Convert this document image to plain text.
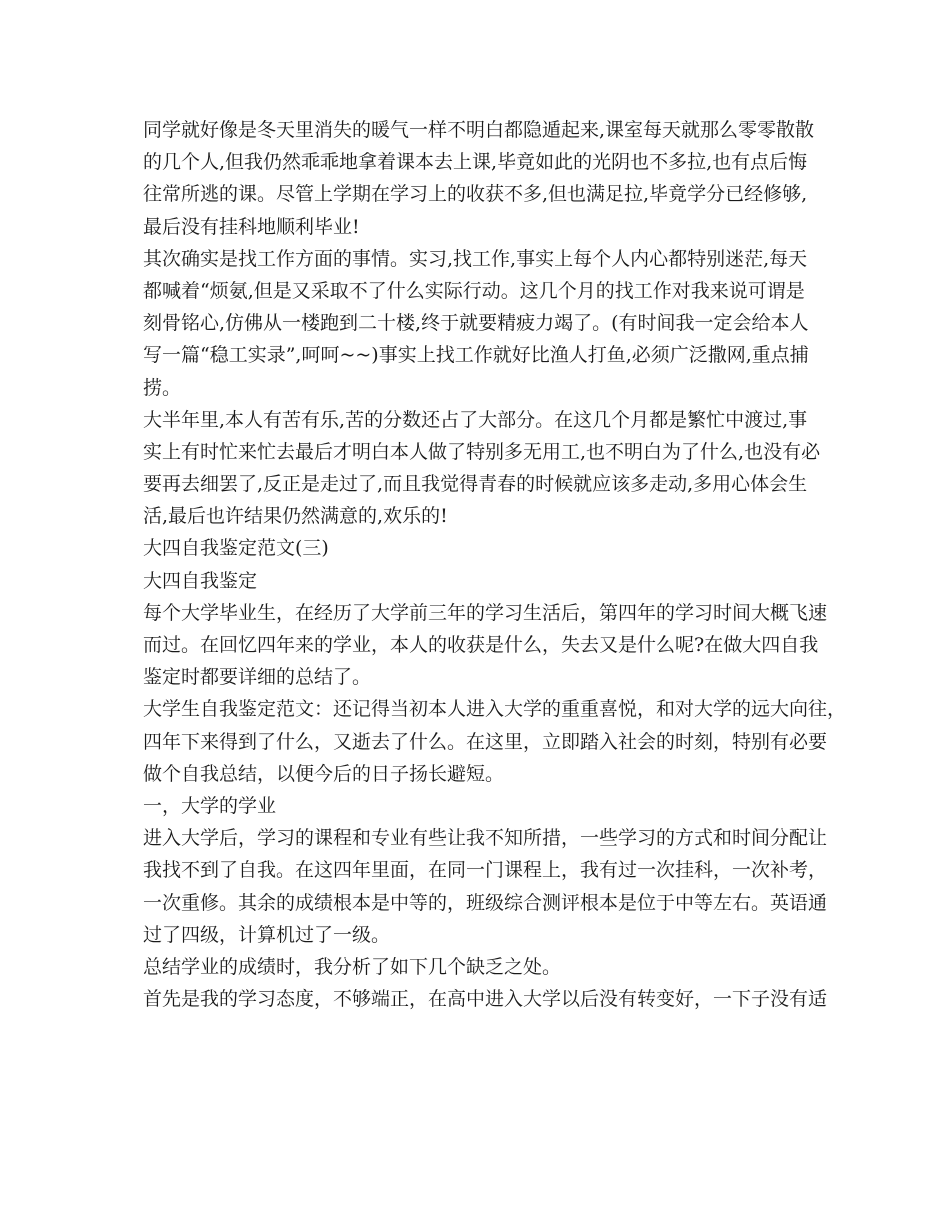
同学就好像是冬天里消失的暖气一样不明白都隐遁起来,课室每天就那么零零散散
的几个人,但我仍然乖乖地拿着课本去上课,毕竟如此的光阴也不多拉,也有点后悔
往常所逃的课。尽管上学期在学习上的收获不多,但也满足拉,毕竟学分已经修够,
最后没有挂科地顺利毕业!
其次确实是找工作方面的事情。实习,找工作,事实上每个人内心都特别迷茫,每天
都喊着“烦氨,但是又采取不了什么实际行动。这几个月的找工作对我来说可谓是
刻骨铭心,仿佛从一楼跑到二十楼,终于就要精疲力竭了。(有时间我一定会给本人
写一篇“稳工实录”,呵呵~~)事实上找工作就好比渔人打鱼,必须广泛撒网,重点捕
捞。
大半年里,本人有苦有乐,苦的分数还占了大部分。在这几个月都是繁忙中渡过,事
实上有时忙来忙去最后才明白本人做了特别多无用工,也不明白为了什么,也没有必
要再去细罢了,反正是走过了,而且我觉得青春的时候就应该多走动,多用心体会生
活,最后也许结果仍然满意的,欢乐的!
大四自我鉴定范文(三)
大四自我鉴定
每个大学毕业生，在经历了大学前三年的学习生活后，第四年的学习时间大概飞速
而过。在回忆四年来的学业，本人的收获是什么，失去又是什么呢?在做大四自我
鉴定时都要详细的总结了。
大学生自我鉴定范文：还记得当初本人进入大学的重重喜悦，和对大学的远大向往，
四年下来得到了什么，又逝去了什么。在这里，立即踏入社会的时刻，特别有必要
做个自我总结，以便今后的日子扬长避短。
一，大学的学业
进入大学后，学习的课程和专业有些让我不知所措，一些学习的方式和时间分配让
我找不到了自我。在这四年里面，在同一门课程上，我有过一次挂科，一次补考，
一次重修。其余的成绩根本是中等的，班级综合测评根本是位于中等左右。英语通
过了四级，计算机过了一级。
总结学业的成绩时，我分析了如下几个缺乏之处。
首先是我的学习态度，不够端正，在高中进入大学以后没有转变好，一下子没有适
